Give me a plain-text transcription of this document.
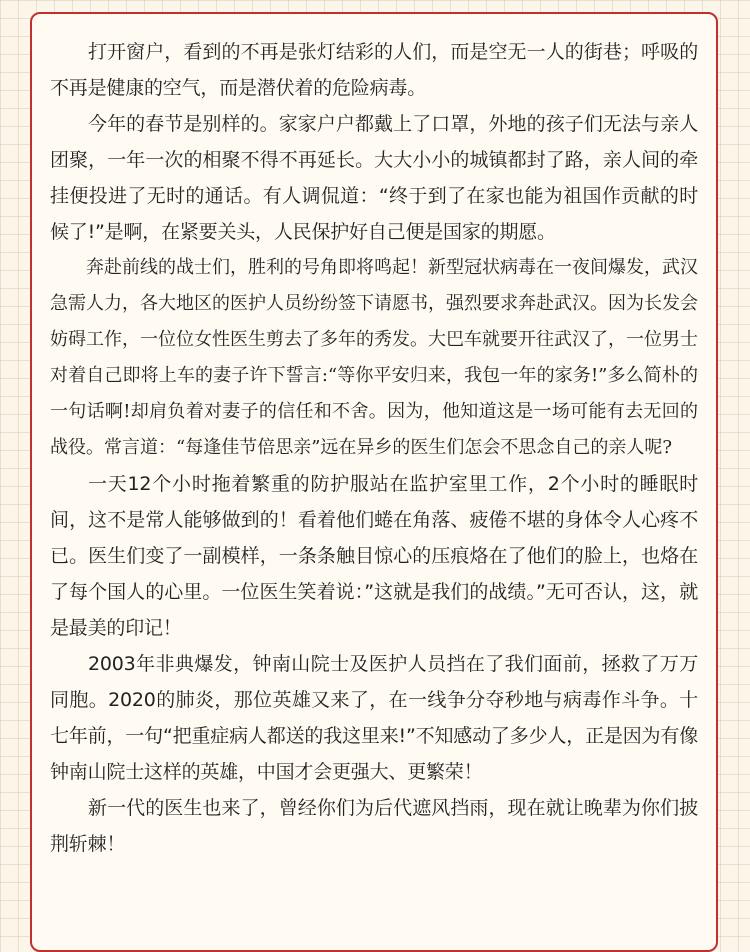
打开窗户，看到的不再是张灯结彩的人们，而是空无一人的街巷；呼吸的不再是健康的空气，而是潜伏着的危险病毒。

今年的春节是别样的。家家户户都戴上了口罩，外地的孩子们无法与亲人团聚，一年一次的相聚不得不再延长。大大小小的城镇都封了路，亲人间的牵挂便投进了无时的通话。有人调侃道：“终于到了在家也能为祖国作贡献的时候了!”是啊，在紧要关头，人民保护好自己便是国家的期愿。

奔赴前线的战士们，胜利的号角即将鸣起！新型冠状病毒在一夜间爆发，武汉急需人力，各大地区的医护人员纷纷签下请愿书，强烈要求奔赴武汉。因为长发会妨碍工作，一位位女性医生剪去了多年的秀发。大巴车就要开往武汉了，一位男士对着自己即将上车的妻子许下誓言:“等你平安归来，我包一年的家务!”多么简朴的一句话啊!却肩负着对妻子的信任和不舍。因为，他知道这是一场可能有去无回的战役。常言道：“每逢佳节倍思亲”远在异乡的医生们怎会不思念自己的亲人呢?

一天12个小时拖着繁重的防护服站在监护室里工作，2个小时的睡眠时间，这不是常人能够做到的！看着他们蜷在角落、疲倦不堪的身体令人心疼不已。医生们变了一副模样，一条条触目惊心的压痕烙在了他们的脸上，也烙在了每个国人的心里。一位医生笑着说：”这就是我们的战绩。”无可否认，这，就是最美的印记！

2003年非典爆发，钟南山院士及医护人员挡在了我们面前，拯救了万万同胞。2020的肺炎，那位英雄又来了，在一线争分夺秒地与病毒作斗争。十七年前，一句“把重症病人都送的我这里来!”不知感动了多少人，正是因为有像钟南山院士这样的英雄，中国才会更强大、更繁荣！

新一代的医生也来了，曾经你们为后代遮风挡雨，现在就让晚辈为你们披荆斩棘！
